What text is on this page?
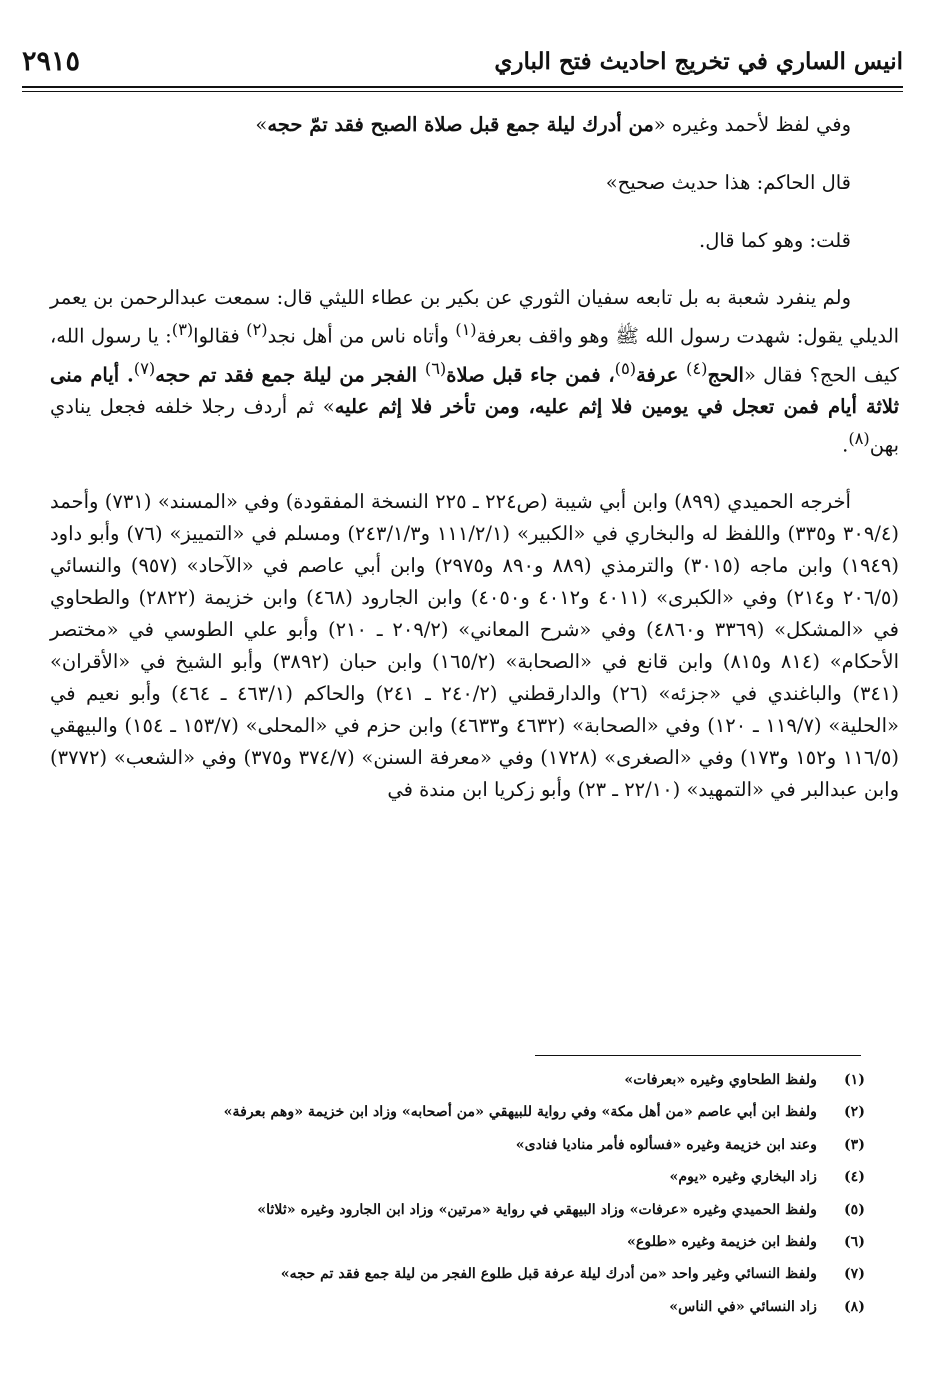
انيس الساري في تخريج احاديث فتح الباري
٢٩١٥

وفي لفظ لأحمد وغيره «من أدرك ليلة جمع قبل صلاة الصبح فقد تمّ حجه»

قال الحاكم: هذا حديث صحيح»

قلت: وهو كما قال.

ولم ينفرد شعبة به بل تابعه سفيان الثوري عن بكير بن عطاء الليثي قال: سمعت عبدالرحمن بن يعمر الديلي يقول: شهدت رسول الله ﷺ وهو واقف بعرفة$^{(١)}$ وأتاه ناس من أهل نجد$^{(٢)}$ فقالوا$^{(٣)}$: يا رسول الله، كيف الحج؟ فقال «الحج$^{(٤)}$ عرفة$^{(٥)}$، فمن جاء قبل صلاة$^{(٦)}$ الفجر من ليلة جمع فقد تم حجه$^{(٧)}$. أيام منى ثلاثة أيام فمن تعجل في يومين فلا إثم عليه، ومن تأخر فلا إثم عليه» ثم أردف رجلا خلفه فجعل ينادي بهن$^{(٨)}$.

أخرجه الحميدي (٨٩٩) وابن أبي شيبة (ص٢٢٤ ـ ٢٢٥ النسخة المفقودة) وفي «المسند» (٧٣١) وأحمد (٣٠٩/٤ و٣٣٥) واللفظ له والبخاري في «الكبير» (١١١/٢/١ و٢٤٣/١/٣) ومسلم في «التمييز» (٧٦) وأبو داود (١٩٤٩) وابن ماجه (٣٠١٥) والترمذي (٨٨٩ و٨٩٠ و٢٩٧٥) وابن أبي عاصم في «الآحاد» (٩٥٧) والنسائي (٢٠٦/٥ و٢١٤) وفي «الكبرى» (٤٠١١ و٤٠١٢ و٤٠٥٠) وابن الجارود (٤٦٨) وابن خزيمة (٢٨٢٢) والطحاوي في «المشكل» (٣٣٦٩ و٤٨٦٠) وفي «شرح المعاني» (٢٠٩/٢ ـ ٢١٠) وأبو علي الطوسي في «مختصر الأحكام» (٨١٤ و٨١٥) وابن قانع في «الصحابة» (١٦٥/٢) وابن حبان (٣٨٩٢) وأبو الشيخ في «الأقران» (٣٤١) والباغندي في «جزئه» (٢٦) والدارقطني (٢٤٠/٢ ـ ٢٤١) والحاكم (٤٦٣/١ ـ ٤٦٤) وأبو نعيم في «الحلية» (١١٩/٧ ـ ١٢٠) وفي «الصحابة» (٤٦٣٢ و٤٦٣٣) وابن حزم في «المحلى» (١٥٣/٧ ـ ١٥٤) والبيهقي (١١٦/٥ و١٥٢ و١٧٣) وفي «الصغرى» (١٧٢٨) وفي «معرفة السنن» (٣٧٤/٧ و٣٧٥) وفي «الشعب» (٣٧٧٢) وابن عبدالبر في «التمهيد» (٢٢/١٠ ـ ٢٣) وأبو زكريا ابن مندة في

(١)
ولفظ الطحاوي وغيره «بعرفات»
(٢)
ولفظ ابن أبي عاصم «من أهل مكة» وفي رواية للبيهقي «من أصحابه» وزاد ابن خزيمة «وهم بعرفة»
(٣)
وعند ابن خزيمة وغيره «فسألوه فأمر مناديا فنادى»
(٤)
زاد البخاري وغيره «يوم»
(٥)
ولفظ الحميدي وغيره «عرفات» وزاد البيهقي في رواية «مرتين» وزاد ابن الجارود وغيره «ثلاثا»
(٦)
ولفظ ابن خزيمة وغيره «طلوع»
(٧)
ولفظ النسائي وغير واحد «من أدرك ليلة عرفة قبل طلوع الفجر من ليلة جمع فقد تم حجه»
(٨)
زاد النسائي «في الناس»
